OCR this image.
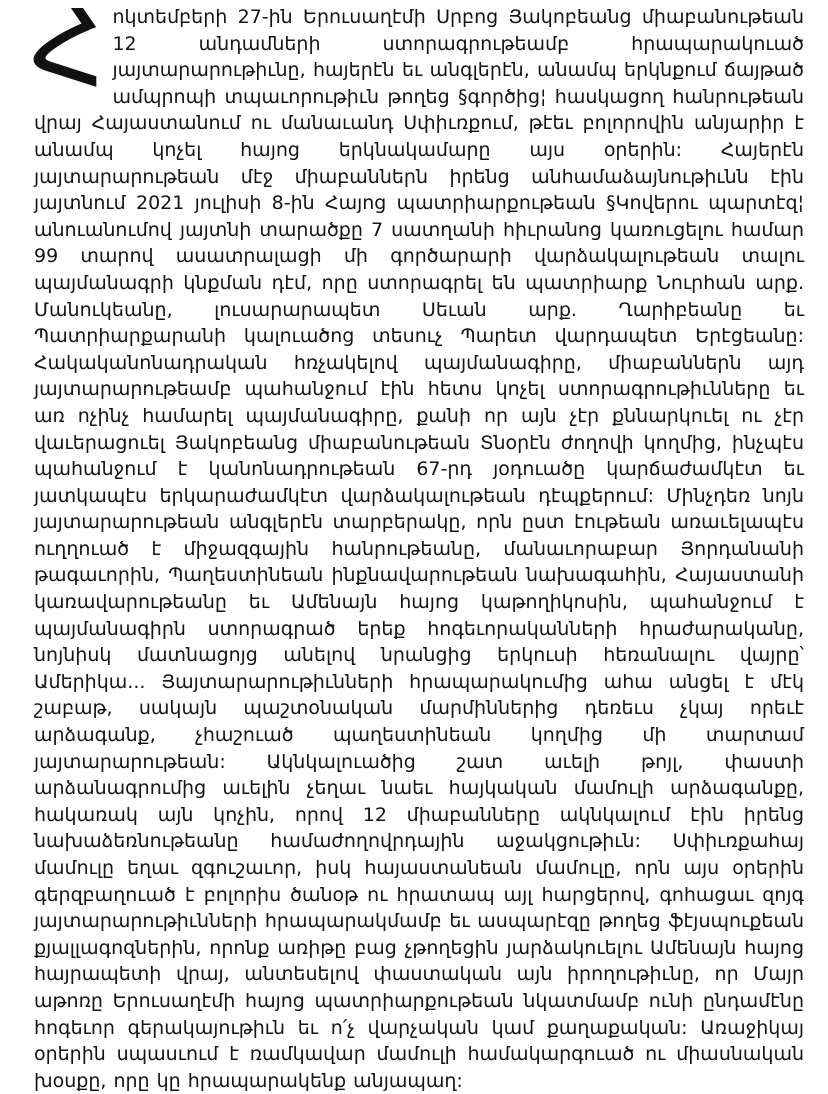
Հոկտեմբերի 27-ին Երուսաղէմի Սրբոց Յակոբեանց միաբանութեան 12 անդամների ստորագրութեամբ հրապարակուած յայտարարութիւնը, հայերէն եւ անգլերէն, անամպ երկնքում ճայթած ամպրոպի տպաւորութիւն թողեց §գործից¦ հասկացող հանրութեան վրայ Հայաստանում ու մանաւանդ Սփիւռքում, թէեւ բոլորովին անյարիր է անամպ կոչել հայոց երկնակամարը այս օրերին: Հայերէն յայտարարութեան մէջ միաբաններն իրենց անհամաձայնութիւնն էին յայտնում 2021 յուլիսի 8-ին Հայոց պատրիարքութեան §Կովերու պարտէզ¦ անուանումով յայտնի տարածքը 7 սատղանի հիւրանոց կառուցելու համար 99 տարով ասատրալացի մի գործարարի վարձակալութեան տալու պայմանագրի կնքման դէմ, որը ստորագրել են պատրիարք Նուրհան արք. Մանուկեանը, լուսարարապետ Սեւան արք. Ղարիբեանը եւ Պատրիարքարանի կալուածոց տեսուչ Պարետ վարդապետ Երէցեանը: Հակականոնադրական հռչակելով պայմանագիրը, միաբաններն այդ յայտարարութեամբ պահանջում էին հետս կոչել ստորագրութիւնները եւ առ ոչինչ համարել պայմանագիրը, քանի որ այն չէր քննարկուել ու չէր վաւերացուել Յակոբեանց միաբանութեան Տնօրէն ժողովի կողմից, ինչպէս պահանջում է կանոնադրութեան 67-րդ յօդուածը կարճաժամկէտ եւ յատկապէս երկարաժամկէտ վարձակալութեան դէպքերում: Մինչդեռ նոյն յայտարարութեան անգլերէն տարբերակը, որն ըստ էութեան առաւելապէս ուղղուած է միջազգային հանրութեանը, մանաւորաբար Յորդանանի թագաւորին, Պաղեստինեան ինքնավարութեան նախագահին, Հայաստանի կառավարութեանը եւ Ամենայն հայոց կաթողիկոսին, պահանջում է պայմանագիրն ստորագրած երեք հոգեւորականների հրաժարականը, նոյնիսկ մատնացոյց անելով նրանցից երկուսի հեռանալու վայրը՝ Ամերիկա... Յայտարարութիւնների հրապարակումից ահա անցել է մէկ շաբաթ, սակայն պաշտօնական մարմիններից դեռեւս չկայ որեւէ արձագանք, չհաշուած պաղեստինեան կողմից մի տարտամ յայտարարութեան: Ակնկալուածից շատ աւելի թոյլ, փաստի արձանագրումից աւելին չեղաւ նաեւ հայկական մամուլի արձագանքը, հակառակ այն կոչին, որով 12 միաբանները ակնկալում էին իրենց նախաձեռնութեանը համաժողովրդային աջակցութիւն: Սփիւռքահայ մամուլը եղաւ զգուշաւոր, իսկ հայաստանեան մամուլը, որն այս օրերին գերզբաղուած է բոլորիս ծանօթ ու հրատապ այլ հարցերով, գոհացաւ զոյգ յայտարարութիւնների հրապարակմամբ եւ ասպարէզը թողեց ֆէյսպուքեան քյալլագոզներին, որոնք առիթը բաց չթողեցին յարձակուելու Ամենայն հայոց հայրապետի վրայ, անտեսելով փաստական այն իրողութիւնը, որ Մայր աթոռը Երուսաղէմի հայոց պատրիարքութեան նկատմամբ ունի ընդամէնը հոգեւոր գերակայութիւն եւ ո՛չ վարչական կամ քաղաքական: Առաջիկայ օրերին սպասւում է ռամկավար մամուլի համակարգուած ու միասնական խօսքը, որը կը հրապարակենք անյապաղ:
